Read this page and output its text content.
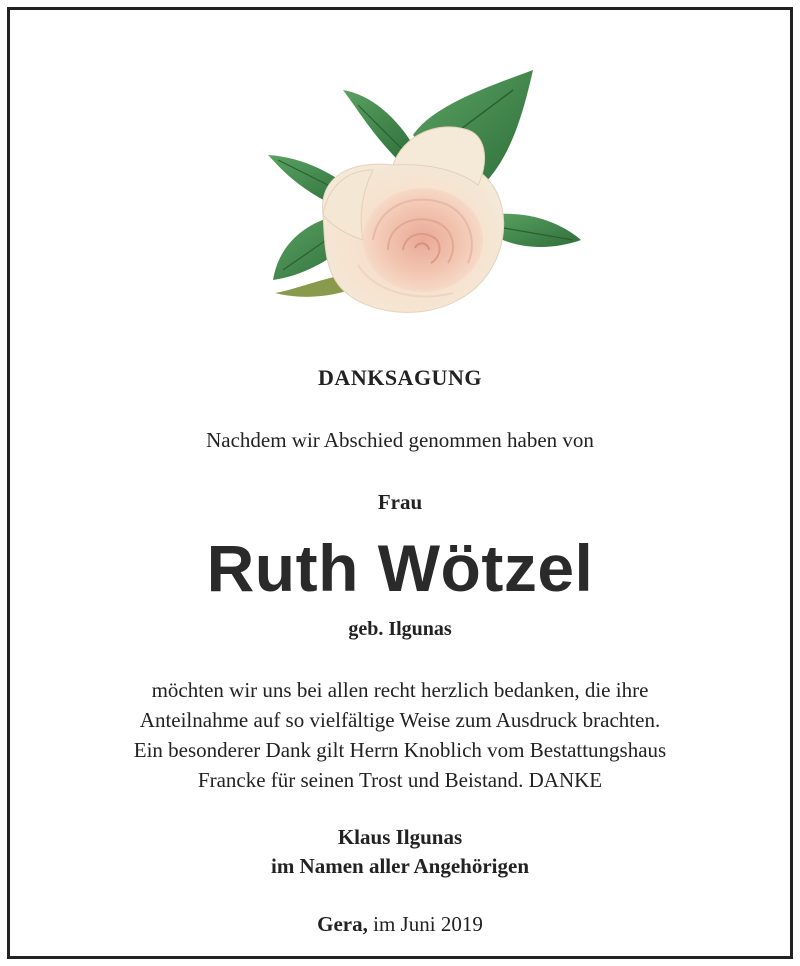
DANKSAGUNG
Nachdem wir Abschied genommen haben von
Frau
Ruth Wötzel
geb. Ilgunas
möchten wir uns bei allen recht herzlich bedanken, die ihre
Anteilnahme auf so vielfältige Weise zum Ausdruck brachten.
Ein besonderer Dank gilt Herrn Knoblich vom Bestattungshaus
Francke für seinen Trost und Beistand. DANKE
Klaus Ilgunas
im Namen aller Angehörigen
Gera, im Juni 2019
